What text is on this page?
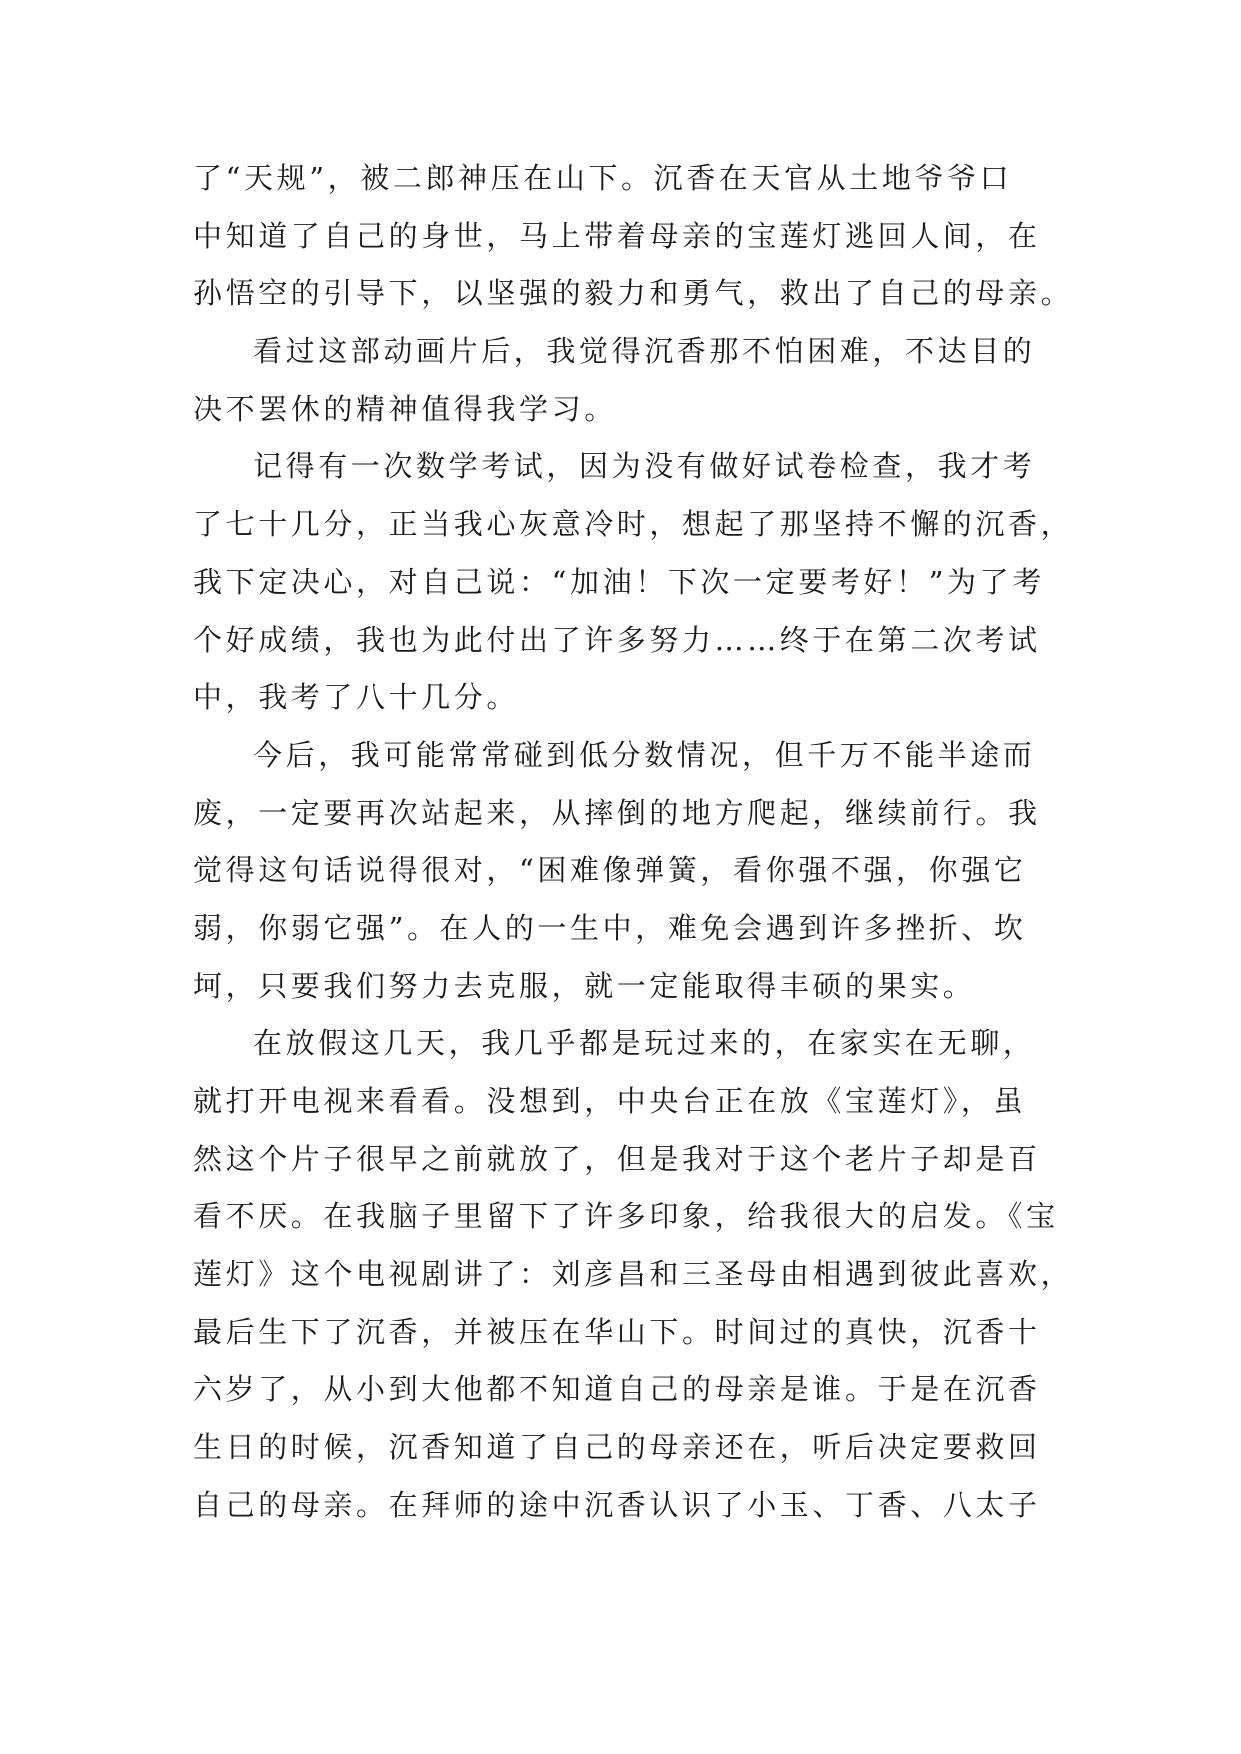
了“天规”，被二郎神压在山下。沉香在天官从土地爷爷口
中知道了自己的身世，马上带着母亲的宝莲灯逃回人间，在
孙悟空的引导下，以坚强的毅力和勇气，救出了自己的母亲。
看过这部动画片后，我觉得沉香那不怕困难，不达目的
决不罢休的精神值得我学习。
记得有一次数学考试，因为没有做好试卷检查，我才考
了七十几分，正当我心灰意冷时，想起了那坚持不懈的沉香，
我下定决心，对自己说：“加油！下次一定要考好！”为了考
个好成绩，我也为此付出了许多努力……终于在第二次考试
中，我考了八十几分。
今后，我可能常常碰到低分数情况，但千万不能半途而
废，一定要再次站起来，从摔倒的地方爬起，继续前行。我
觉得这句话说得很对，“困难像弹簧，看你强不强，你强它
弱，你弱它强”。在人的一生中，难免会遇到许多挫折、坎
坷，只要我们努力去克服，就一定能取得丰硕的果实。
在放假这几天，我几乎都是玩过来的，在家实在无聊，
就打开电视来看看。没想到，中央台正在放《宝莲灯》，虽
然这个片子很早之前就放了，但是我对于这个老片子却是百
看不厌。在我脑子里留下了许多印象，给我很大的启发。《宝
莲灯》这个电视剧讲了：刘彦昌和三圣母由相遇到彼此喜欢，
最后生下了沉香，并被压在华山下。时间过的真快，沉香十
六岁了，从小到大他都不知道自己的母亲是谁。于是在沉香
生日的时候，沉香知道了自己的母亲还在，听后决定要救回
自己的母亲。在拜师的途中沉香认识了小玉、丁香、八太子
